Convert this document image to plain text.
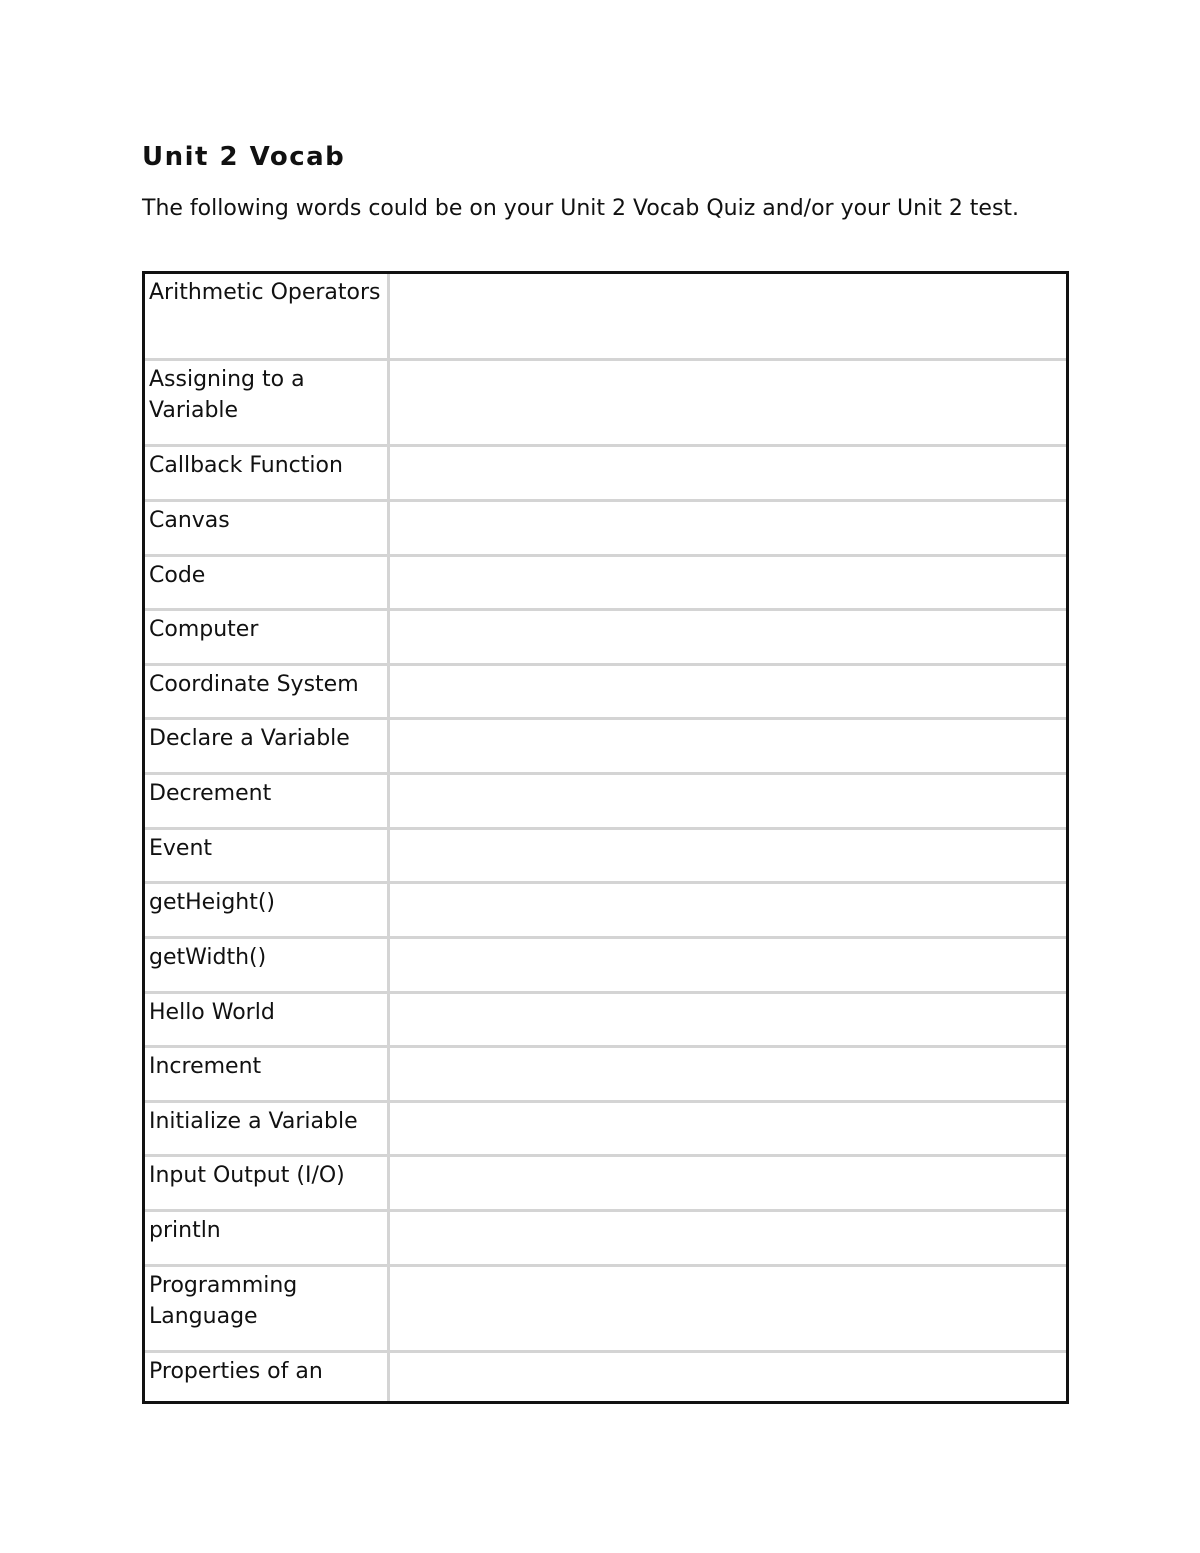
Unit 2 Vocab

The following words could be on your Unit 2 Vocab Quiz and/or your Unit 2 test.

Arithmetic Operators
Assigning to a Variable
Callback Function
Canvas
Code
Computer
Coordinate System
Declare a Variable
Decrement
Event
getHeight()
getWidth()
Hello World
Increment
Initialize a Variable
Input Output (I/O)
println
Programming Language
Properties of an
